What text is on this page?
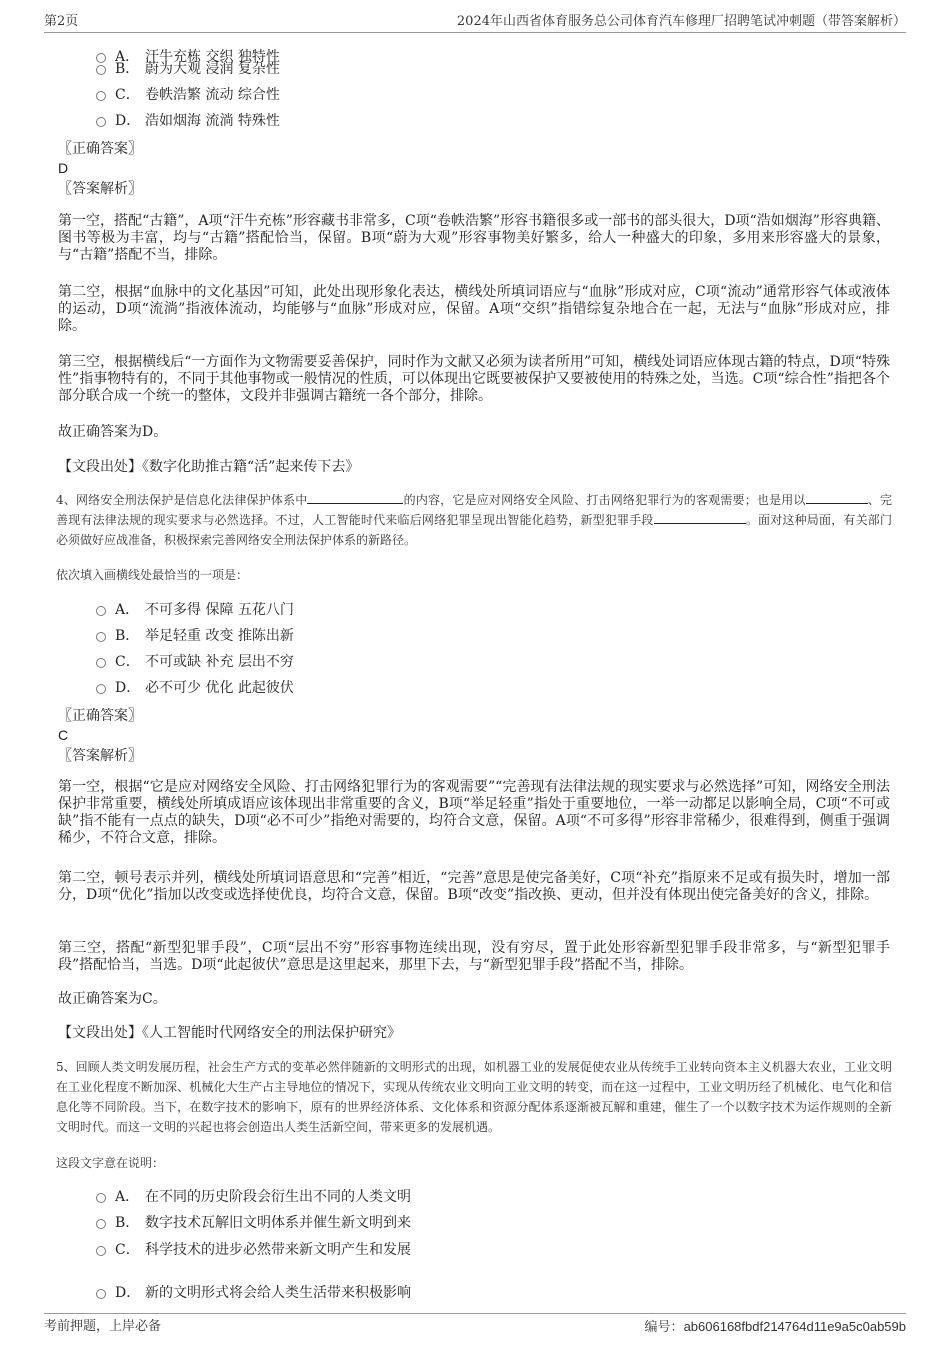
第2页	2024年山西省体育服务总公司体育汽车修理厂招聘笔试冲刺题（带答案解析）
A． 汗牛充栋 交织 独特性
B． 蔚为大观 浸润 复杂性
C． 卷帙浩繁 流动 综合性
D． 浩如烟海 流淌 特殊性
〖正确答案〗
D
〖答案解析〗
第一空，搭配“古籍”，A项“汗牛充栋”形容藏书非常多，C项“卷帙浩繁”形容书籍很多或一部书的部头很大，D项“浩如烟海”形容典籍、图书等极为丰富，均与“古籍”搭配恰当，保留。B项“蔚为大观”形容事物美好繁多，给人一种盛大的印象，多用来形容盛大的景象，与“古籍”搭配不当，排除。
第二空，根据“血脉中的文化基因”可知，此处出现形象化表达，横线处所填词语应与“血脉”形成对应，C项“流动”通常形容气体或液体的运动，D项“流淌”指液体流动，均能够与“血脉”形成对应，保留。A项“交织”指错综复杂地合在一起，无法与“血脉”形成对应，排除。
第三空，根据横线后“一方面作为文物需要妥善保护，同时作为文献又必须为读者所用”可知，横线处词语应体现古籍的特点，D项“特殊性”指事物特有的，不同于其他事物或一般情况的性质，可以体现出它既要被保护又要被使用的特殊之处，当选。C项“综合性”指把各个部分联合成一个统一的整体，文段并非强调古籍统一各个部分，排除。
故正确答案为D。
【文段出处】《数字化助推古籍“活”起来传下去》
4、网络安全刑法保护是信息化法律保护体系中	的内容，它是应对网络安全风险、打击网络犯罪行为的客观需要；也是用以	、完善现有法律法规的现实要求与必然选择。不过，人工智能时代来临后网络犯罪呈现出智能化趋势，新型犯罪手段	。面对这种局面，有关部门必须做好应战准备，积极探索完善网络安全刑法保护体系的新路径。
依次填入画横线处最恰当的一项是：
A． 不可多得 保障 五花八门
B． 举足轻重 改变 推陈出新
C． 不可或缺 补充 层出不穷
D． 必不可少 优化 此起彼伏
〖正确答案〗
C
〖答案解析〗
第一空，根据“它是应对网络安全风险、打击网络犯罪行为的客观需要”“完善现有法律法规的现实要求与必然选择”可知，网络安全刑法保护非常重要，横线处所填成语应该体现出非常重要的含义，B项“举足轻重”指处于重要地位，一举一动都足以影响全局，C项“不可或缺”指不能有一点点的缺失，D项“必不可少”指绝对需要的，均符合文意，保留。A项“不可多得”形容非常稀少，很难得到，侧重于强调稀少，不符合文意，排除。
第二空，顿号表示并列，横线处所填词语意思和“完善”相近，“完善”意思是使完备美好，C项“补充”指原来不足或有损失时，增加一部分，D项“优化”指加以改变或选择使优良，均符合文意，保留。B项“改变”指改换、更动，但并没有体现出使完备美好的含义，排除。
第三空，搭配“新型犯罪手段”，C项“层出不穷”形容事物连续出现，没有穷尽，置于此处形容新型犯罪手段非常多，与“新型犯罪手段”搭配恰当，当选。D项“此起彼伏”意思是这里起来，那里下去，与“新型犯罪手段”搭配不当，排除。
故正确答案为C。
【文段出处】《人工智能时代网络安全的刑法保护研究》
5、回顾人类文明发展历程，社会生产方式的变革必然伴随新的文明形式的出现，如机器工业的发展促使农业从传统手工业转向资本主义机器大农业，工业文明在工业化程度不断加深、机械化大生产占主导地位的情况下，实现从传统农业文明向工业文明的转变，而在这一过程中，工业文明历经了机械化、电气化和信息化等不同阶段。当下，在数字技术的影响下，原有的世界经济体系、文化体系和资源分配体系逐渐被瓦解和重建，催生了一个以数字技术为运作规则的全新文明时代。而这一文明的兴起也将会创造出人类生活新空间，带来更多的发展机遇。
这段文字意在说明：
A． 在不同的历史阶段会衍生出不同的人类文明
B． 数字技术瓦解旧文明体系并催生新文明到来
C． 科学技术的进步必然带来新文明产生和发展
D． 新的文明形式将会给人类生活带来积极影响
考前押题，上岸必备	编号：ab606168fbdf214764d11e9a5c0ab59b
